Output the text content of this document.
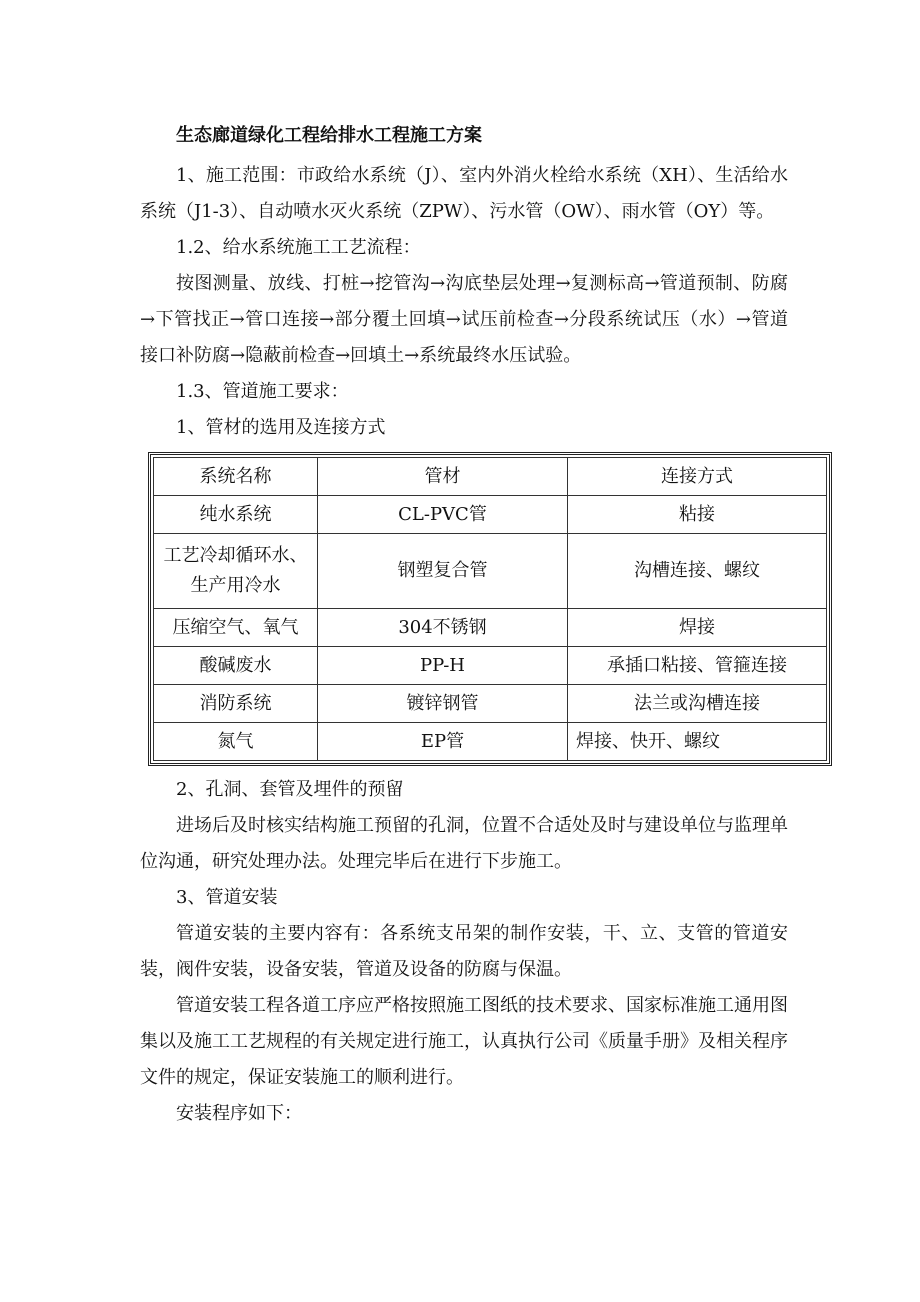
生态廊道绿化工程给排水工程施工方案

1、施工范围：市政给水系统（J）、室内外消火栓给水系统（XH）、生活给水系统（J1-3）、自动喷水灭火系统（ZPW）、污水管（OW）、雨水管（OY）等。

1.2、给水系统施工工艺流程：

按图测量、放线、打桩→挖管沟→沟底垫层处理→复测标高→管道预制、防腐→下管找正→管口连接→部分覆土回填→试压前检查→分段系统试压（水）→管道接口补防腐→隐蔽前检查→回填土→系统最终水压试验。

1.3、管道施工要求：

1、管材的选用及连接方式

系统名称	管材	连接方式
纯水系统	CL-PVC管	粘接
工艺冷却循环水、生产用冷水	钢塑复合管	沟槽连接、螺纹
压缩空气、氧气	304不锈钢	焊接
酸碱废水	PP-H	承插口粘接、管箍连接
消防系统	镀锌钢管	法兰或沟槽连接
氮气	EP管	焊接、快开、螺纹

2、孔洞、套管及埋件的预留

进场后及时核实结构施工预留的孔洞，位置不合适处及时与建设单位与监理单位沟通，研究处理办法。处理完毕后在进行下步施工。

3、管道安装

管道安装的主要内容有：各系统支吊架的制作安装，干、立、支管的管道安装，阀件安装，设备安装，管道及设备的防腐与保温。

管道安装工程各道工序应严格按照施工图纸的技术要求、国家标准施工通用图集以及施工工艺规程的有关规定进行施工，认真执行公司《质量手册》及相关程序文件的规定，保证安装施工的顺利进行。

安装程序如下：
